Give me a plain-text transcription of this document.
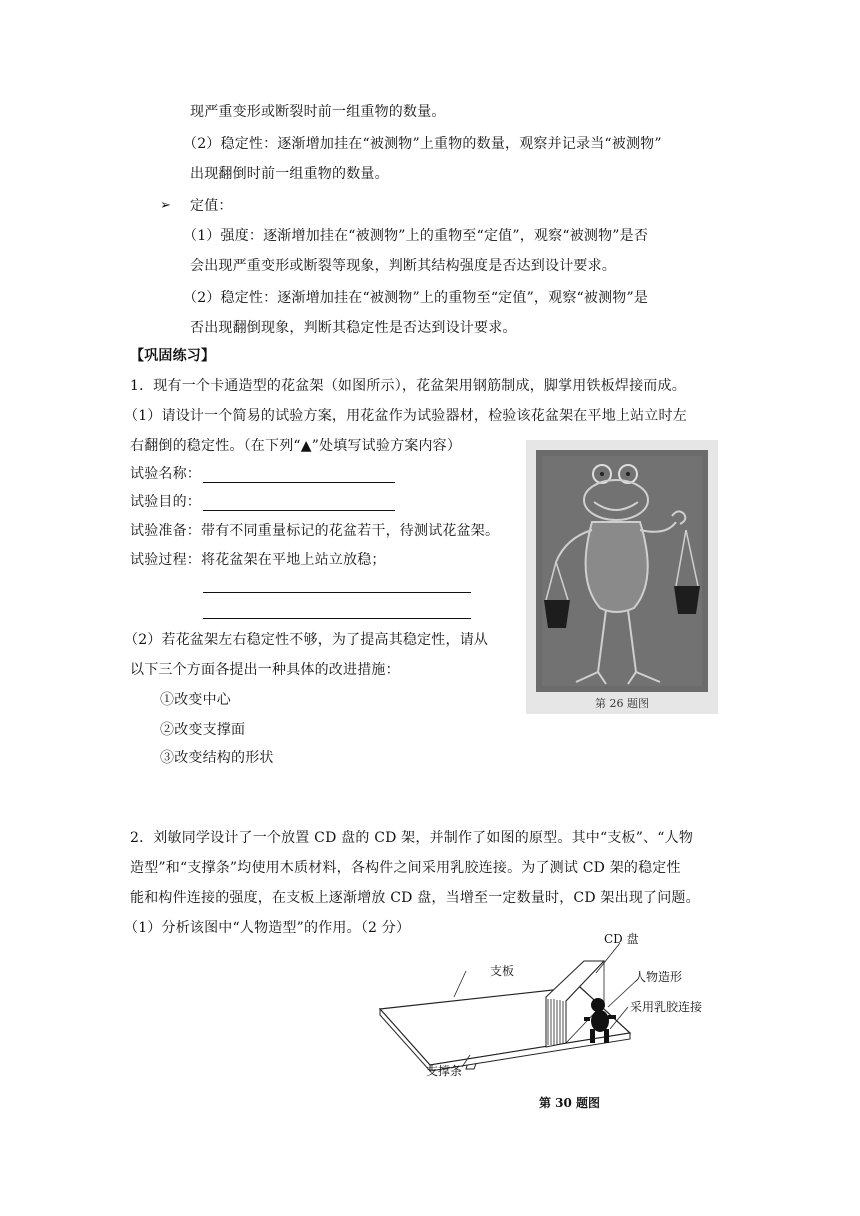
现严重变形或断裂时前一组重物的数量。
（2）稳定性：逐渐增加挂在“被测物”上重物的数量，观察并记录当“被测物”
出现翻倒时前一组重物的数量。
➢ 定值：
（1）强度：逐渐增加挂在“被测物”上的重物至“定值”，观察“被测物”是否
会出现严重变形或断裂等现象，判断其结构强度是否达到设计要求。
（2）稳定性：逐渐增加挂在“被测物”上的重物至“定值”，观察“被测物”是
否出现翻倒现象，判断其稳定性是否达到设计要求。
【巩固练习】
1．现有一个卡通造型的花盆架（如图所示），花盆架用钢筋制成，脚掌用铁板焊接而成。
（1）请设计一个简易的试验方案，用花盆作为试验器材，检验该花盆架在平地上站立时左
右翻倒的稳定性。（在下列“▲”处填写试验方案内容）
试验名称：
试验目的：
试验准备：带有不同重量标记的花盆若干，待测试花盆架。
试验过程：将花盆架在平地上站立放稳；
（2）若花盆架左右稳定性不够，为了提高其稳定性，请从
以下三个方面各提出一种具体的改进措施：
①改变中心
②改变支撑面
③改变结构的形状
第 26 题图
2．刘敏同学设计了一个放置 CD 盘的 CD 架，并制作了如图的原型。其中“支板”、“人物
造型”和“支撑条”均使用木质材料，各构件之间采用乳胶连接。为了测试 CD 架的稳定性
能和构件连接的强度，在支板上逐渐增放 CD 盘，当增至一定数量时，CD 架出现了问题。
（1）分析该图中“人物造型”的作用。（2 分）
CD 盘
支板	人物造形
采用乳胶连接
支撑条
第 30 题图
